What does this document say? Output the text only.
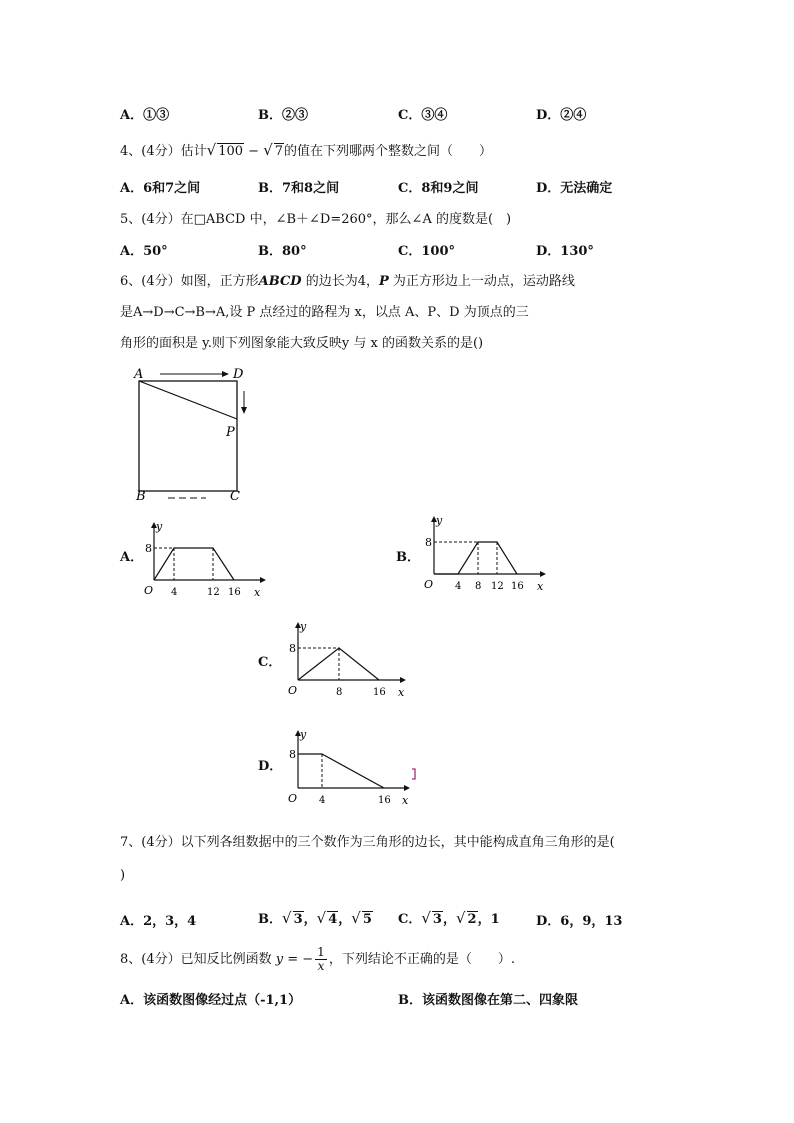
A．①③	B．②③	C．③④	D．②④
4、(4分）估计√ 100 − √ 7的值在下列哪两个整数之间（　　）
A．6和7之间	B．7和8之间	C．8和9之间	D．无法确定
5、(4分）在□ABCD 中，∠B＋∠D=260°，那么∠A 的度数是(　)
A．50°	B．80°	C．100°	D．130°
6、(4分）如图，正方形ABCD 的边长为4，P 为正方形边上一动点，运动路线
是A→D→C→B→A,设 P 点经过的路程为 x，以点 A、P、D 为顶点的三
角形的面积是 y.则下列图象能大致反映y 与 x 的函数关系的是()
A	D
P
B	C
A．
y
8
O 4	12 16 x
B．
y
8
O 4 8 12 16 x
C．
y
8
O	8	16 x
D．
y
8
O 4	16 x
7、(4分）以下列各组数据中的三个数作为三角形的边长，其中能构成直角三角形的是(
)
A．2，3，4	B．√ 3，√ 4，√ 5 C．√ 3，√ 2，1	D．6，9，13
8、(4分）已知反比例函数 y = − $\frac{1}{x}$ ，下列结论不正确的是（　　）.
A．该函数图像经过点（-1,1）	B．该函数图像在第二、四象限
